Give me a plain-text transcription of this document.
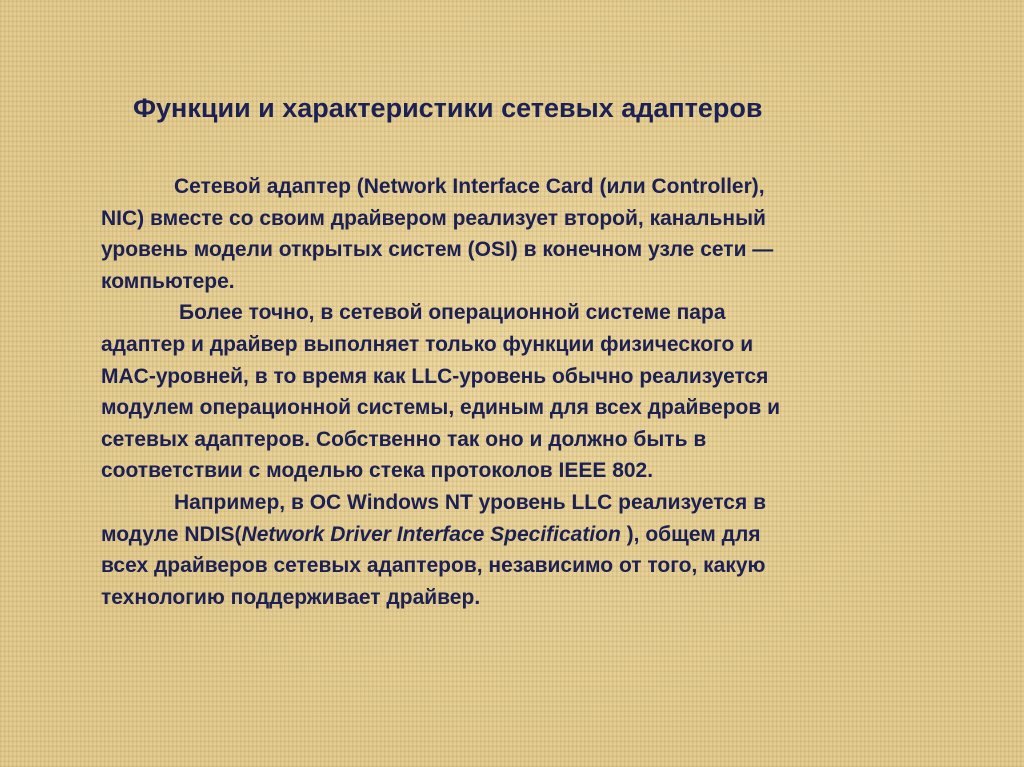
Функции и характеристики сетевых адаптеров
Сетевой адаптер (Network Interface Card (или Controller),
NIC) вместе со своим драйвером реализует второй, канальный
уровень модели открытых систем (OSI) в конечном узле сети —
компьютере.
Более точно, в сетевой операционной системе пара
адаптер и драйвер выполняет только функции физического и
MAC-уровней, в то время как LLC-уровень обычно реализуется
модулем операционной системы, единым для всех драйверов и
сетевых адаптеров. Собственно так оно и должно быть в
соответствии с моделью стека протоколов IEEE 802.
Например, в ОС Windows NT уровень LLC реализуется в
модуле NDIS(Network Driver Interface Specification ), общем для
всех драйверов сетевых адаптеров, независимо от того, какую
технологию поддерживает драйвер.
